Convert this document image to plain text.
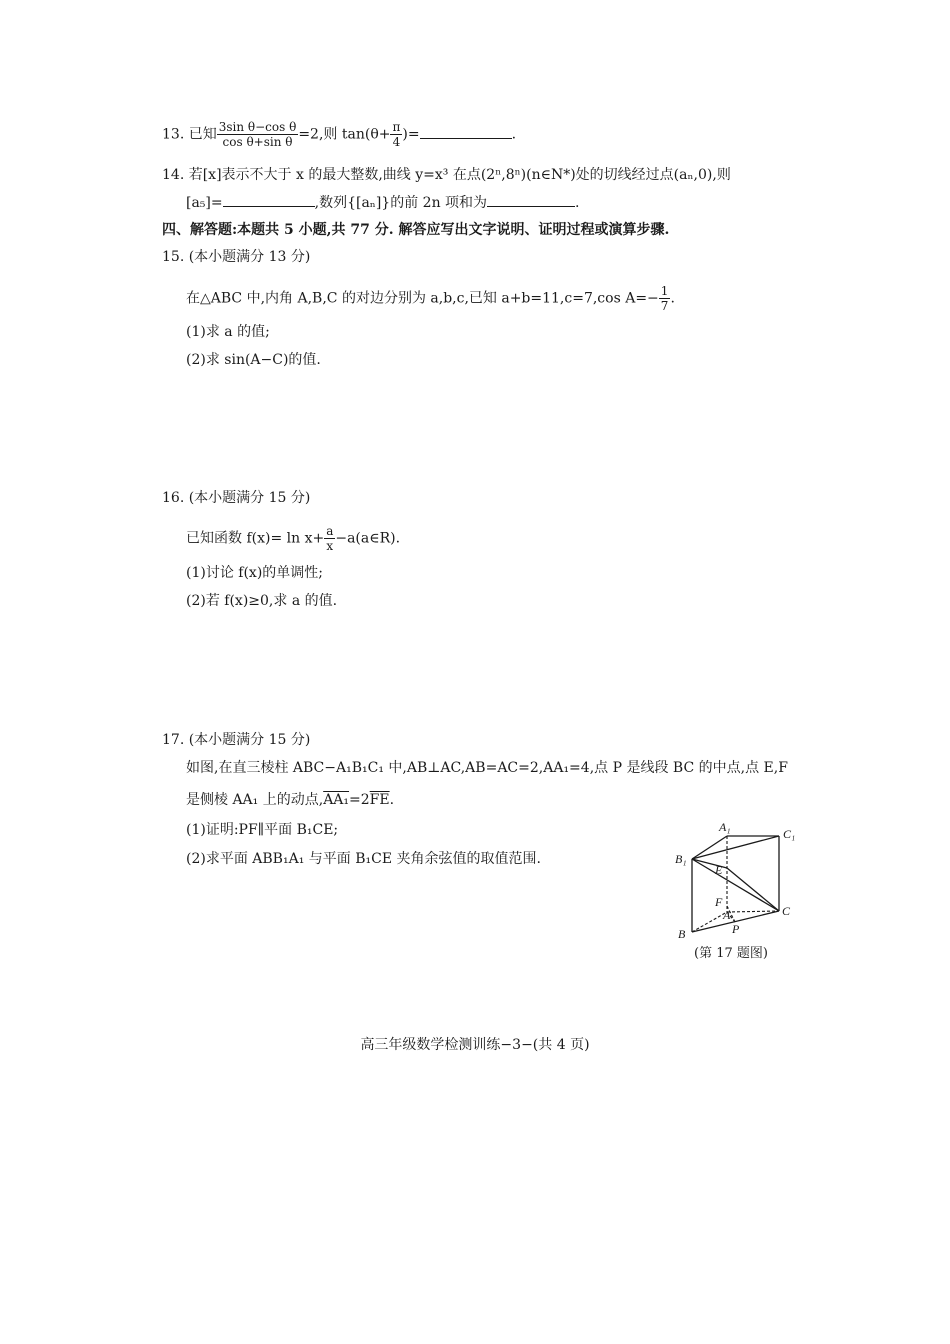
13. 已知 $\frac{\text{3sin θ−cos θ}}{\text{cos θ+sin θ}} =2$,则 $\tan(\theta+ \frac{\pi}{4}$ )=	.
14. 若[x]表示不大于 x 的最大整数,曲线 y=x³ 在点(2ⁿ,8ⁿ)(n∈N*)处的切线经过点(aₙ,0),则
[a₅]=	,数列{[aₙ]}的前 2n 项和为	.
四、解答题:本题共 5 小题,共 77 分. 解答应写出文字说明、证明过程或演算步骤.
15. (本小题满分 13 分)
在△ABC 中,内角 A,B,C 的对边分别为 a,b,c,已知 a+b=11,c=7,cos $A=- \frac{1}{7}$ .
(1)求 a 的值;
(2)求 sin(A−C)的值.
16. (本小题满分 15 分)
已知函数 $f(x)= \ln x+ \frac{a}{x}$ −a(a∈R).
(1)讨论 f(x)的单调性;
(2)若 f(x)≥0,求 a 的值.
17. (本小题满分 15 分)
如图,在直三棱柱 ABC−A₁B₁C₁ 中,AB⊥AC,AB=AC=2,AA₁=4,点 P 是线段 BC 的中点,点 E,F
是侧棱 AA₁ 上的动点$,AA_1=2\overline{FE}$.
(1)证明:PF∥平面 B₁CE;
(2)求平面 ABB₁A₁ 与平面 B₁CE 夹角余弦值的取值范围.
A₁	C₁
B₁
E
F
A	C
B	P
(第 17 题图)
高三年级数学检测训练−3−(共 4 页)
